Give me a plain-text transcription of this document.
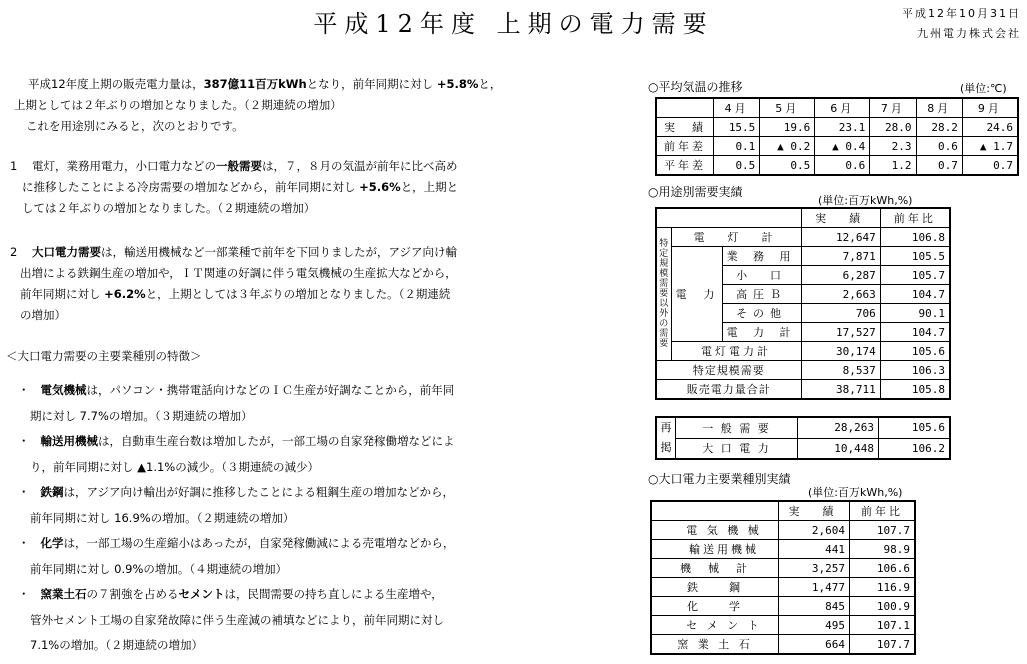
平成12年度 上期の電力需要	平成12年10月31日
九州電力株式会社
平成12年度上期の販売電力量は，387億11百万kWhとなり，前年同期に対し +5.8%と，
上期としては２年ぶりの増加となりました。（２期連続の増加）
これを用途別にみると，次のとおりです。
1 電灯，業務用電力，小口電力などの一般需要は，７，８月の気温が前年に比べ高め
に推移したことによる冷房需要の増加などから，前年同期に対し +5.6%と，上期と
しては２年ぶりの増加となりました。（２期連続の増加）
2 大口電力需要は，輸送用機械など一部業種で前年を下回りましたが，アジア向け輸
出増による鉄鋼生産の増加や，ＩＴ関連の好調に伴う電気機械の生産拡大などから，
前年同期に対し +6.2%と，上期としては３年ぶりの増加となりました。（２期連続
の増加）
＜大口電力需要の主要業種別の特徴＞
・ 電気機械は，パソコン・携帯電話向けなどのＩＣ生産が好調なことから，前年同
期に対し 7.7%の増加。（３期連続の増加）
・ 輸送用機械は，自動車生産台数は増加したが，一部工場の自家発稼働増などによ
り，前年同期に対し ▲1.1%の減少。（３期連続の減少）
・ 鉄鋼は，アジア向け輸出が好調に推移したことによる粗鋼生産の増加などから，
前年同期に対し 16.9%の増加。（２期連続の増加）
・ 化学は，一部工場の生産縮小はあったが，自家発稼働減による売電増などから，
前年同期に対し 0.9%の増加。（４期連続の増加）
・ 窯業土石の７割強を占めるセメントは，民間需要の持ち直しによる生産増や，
管外セメント工場の自家発故障に伴う生産減の補填などにより，前年同期に対し
7.1%の増加。（２期連続の増加）
○平均気温の推移	(単位:℃)
	4月	5月	6月	7月	8月	9月
実　績	15.5	19.6	23.1	28.0	28.2	24.6
前年差	0.1	▲ 0.2	▲ 0.4	2.3	0.6	▲ 1.7
平年差	0.5	0.5	0.6	1.2	0.7	0.7
○用途別需要実績
(単位:百万kWh,%)
			実　績	前年比
特定規模需要以外の需要	電　灯　計		12,647	106.8
	電　力	業 務 用	7,871	105.5
		小　口	6,287	105.7
		高圧Ｂ	2,663	104.7
		その他	706	90.1
		電 力 計	17,527	104.7
	電灯電力計		30,174	105.6
特定規模需要			8,537	106.3
販売電力量合計			38,711	105.8
再掲	一 般 需 要	28,263	105.6
	大 口 電 力	10,448	106.2
○大口電力主要業種別実績
(単位:百万kWh,%)
	実　績	前年比
電 気 機 械	2,604	107.7
輸送用機械	441	98.9
機　械　計	3,257	106.6
鉄　　鋼	1,477	116.9
化　　学	845	100.9
セ メ ン ト	495	107.1
窯 業 土 石	664	107.7
